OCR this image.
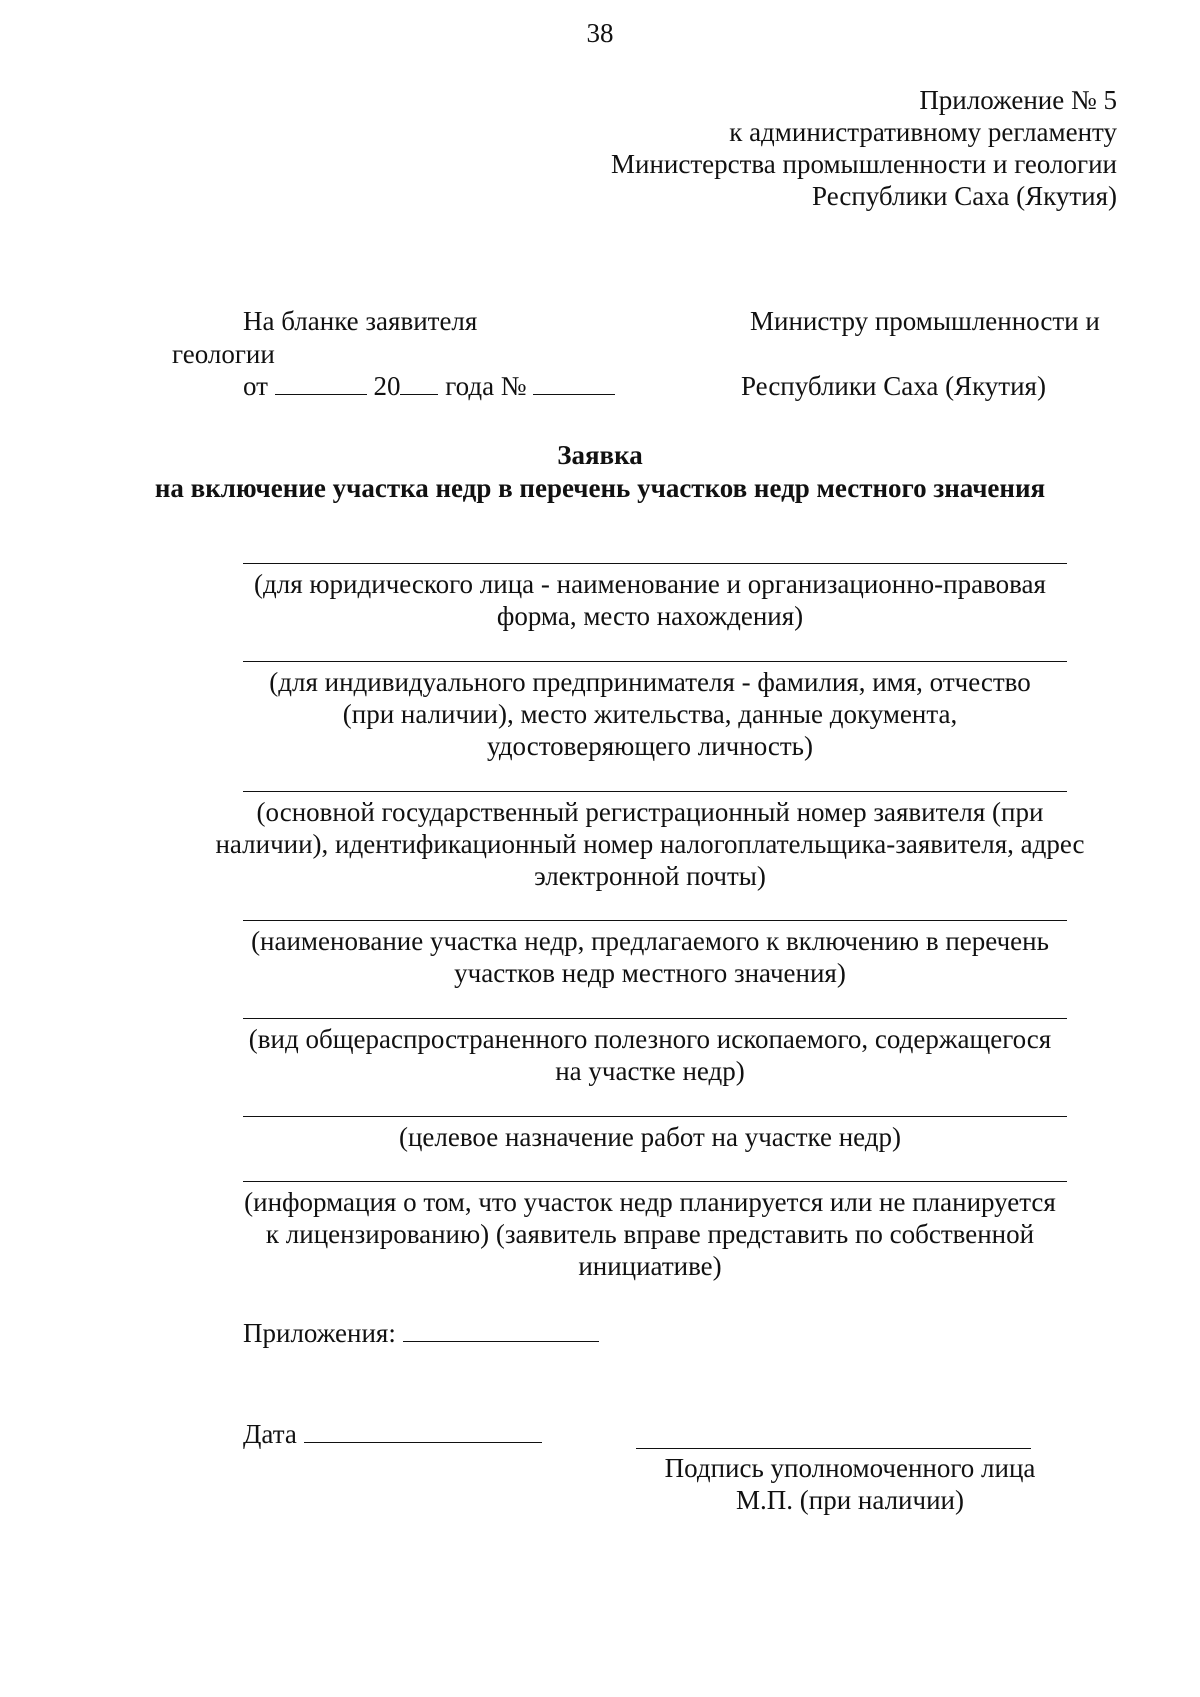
38
Приложение № 5
к административному регламенту
Министерства промышленности и геологии
Республики Саха (Якутия)
На бланке заявителя	Министру промышленности и
геологии
от	20 года №	Республики Саха (Якутия)
Заявка
на включение участка недр в перечень участков недр местного значения
(для юридического лица - наименование и организационно-правовая
форма, место нахождения)
(для индивидуального предпринимателя - фамилия, имя, отчество
(при наличии), место жительства, данные документа,
удостоверяющего личность)
(основной государственный регистрационный номер заявителя (при
наличии), идентификационный номер налогоплательщика-заявителя, адрес
электронной почты)
(наименование участка недр, предлагаемого к включению в перечень
участков недр местного значения)
(вид общераспространенного полезного ископаемого, содержащегося
на участке недр)
(целевое назначение работ на участке недр)
(информация о том, что участок недр планируется или не планируется
к лицензированию) (заявитель вправе представить по собственной
инициативе)
Приложения:
Дата
Подпись уполномоченного лица
М.П. (при наличии)
